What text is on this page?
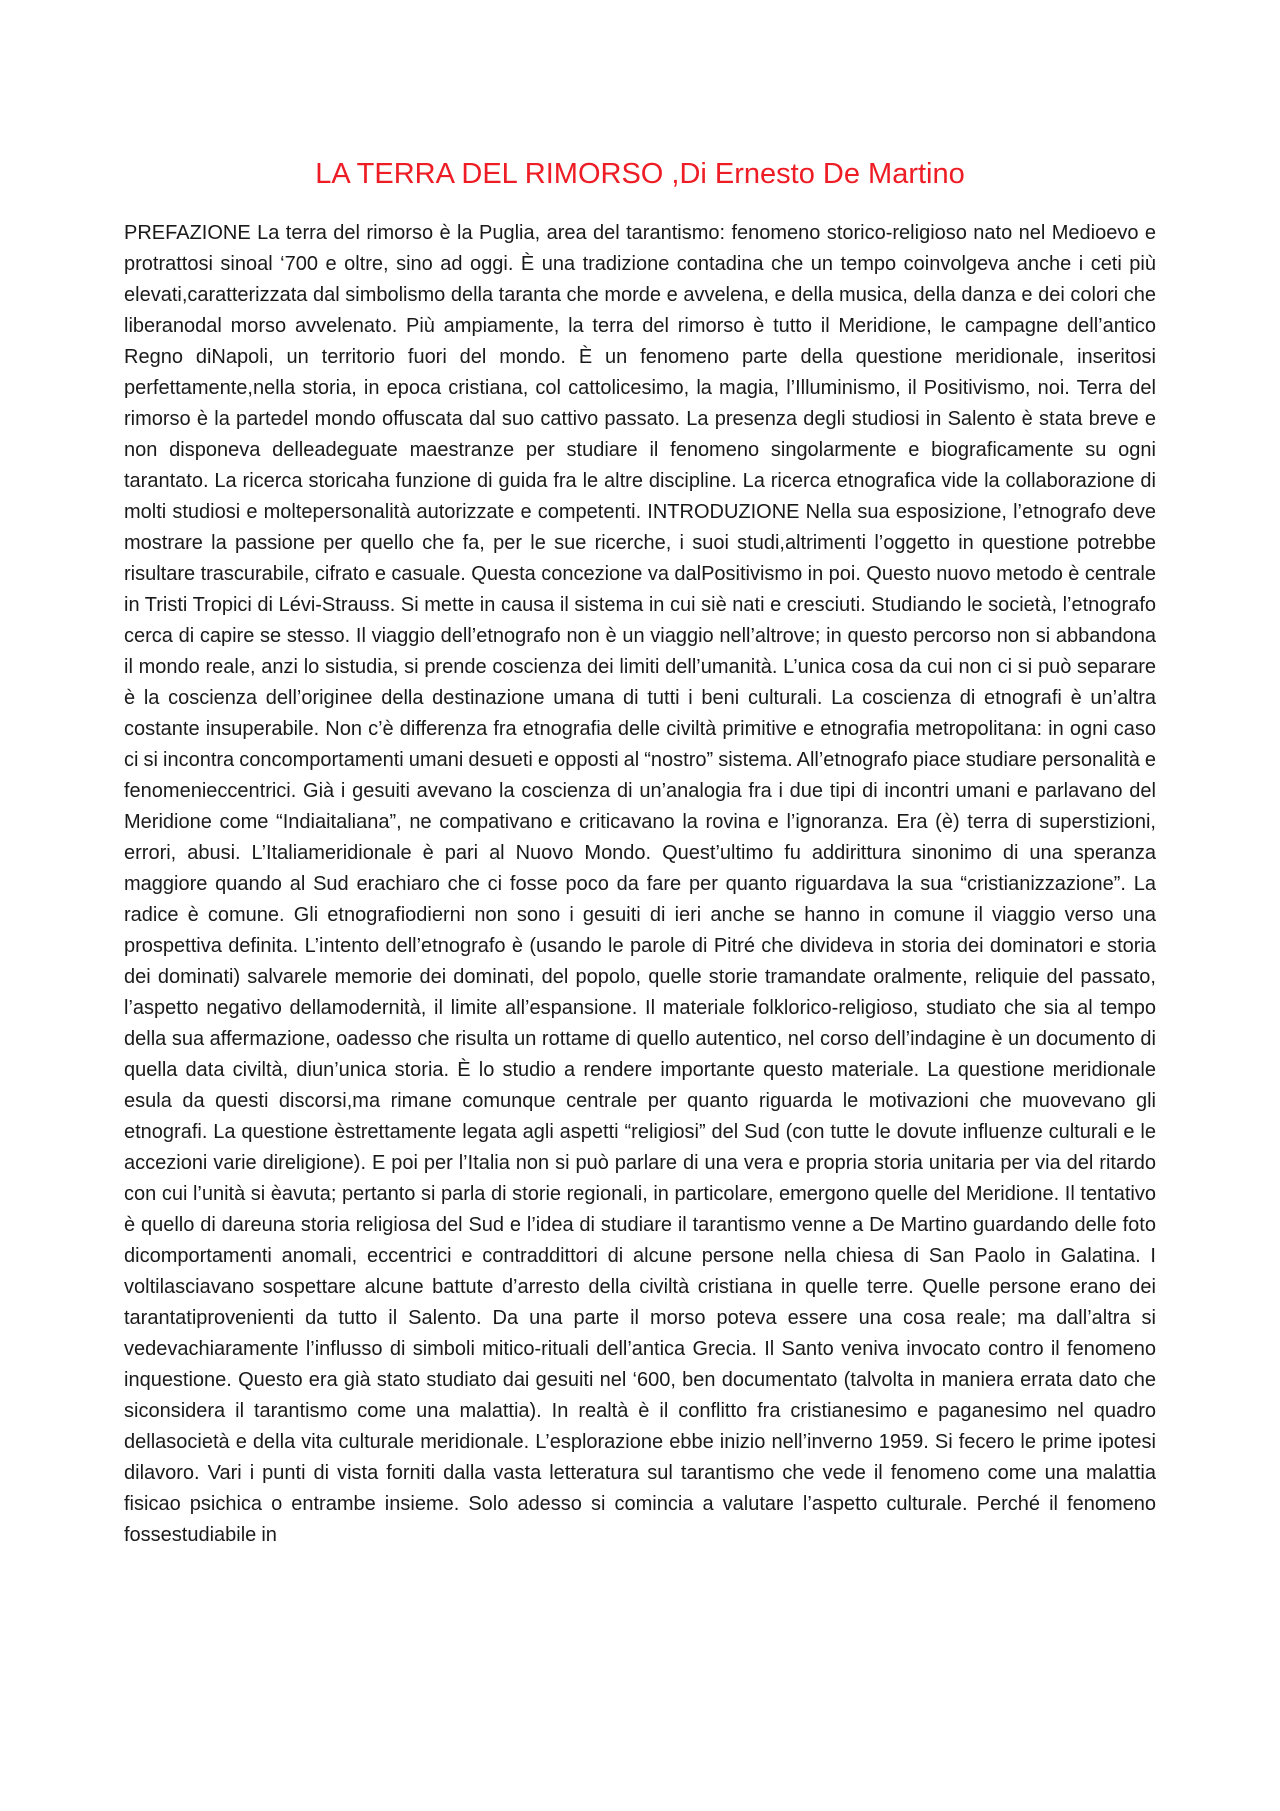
LA TERRA DEL RIMORSO ,Di Ernesto De Martino

PREFAZIONE La terra del rimorso è la Puglia, area del tarantismo: fenomeno storico-religioso nato nel Medioevo e protrattosi sinoal ‘700 e oltre, sino ad oggi. È una tradizione contadina che un tempo coinvolgeva anche i ceti più elevati,caratterizzata dal simbolismo della taranta che morde e avvelena, e della musica, della danza e dei colori che liberanodal morso avvelenato. Più ampiamente, la terra del rimorso è tutto il Meridione, le campagne dell’antico Regno diNapoli, un territorio fuori del mondo. È un fenomeno parte della questione meridionale, inseritosi perfettamente,nella storia, in epoca cristiana, col cattolicesimo, la magia, l’Illuminismo, il Positivismo, noi. Terra del rimorso è la partedel mondo offuscata dal suo cattivo passato. La presenza degli studiosi in Salento è stata breve e non disponeva delleadeguate maestranze per studiare il fenomeno singolarmente e biograficamente su ogni tarantato. La ricerca storicaha funzione di guida fra le altre discipline. La ricerca etnografica vide la collaborazione di molti studiosi e moltepersonalità autorizzate e competenti. INTRODUZIONE Nella sua esposizione, l’etnografo deve mostrare la passione per quello che fa, per le sue ricerche, i suoi studi,altrimenti l’oggetto in questione potrebbe risultare trascurabile, cifrato e casuale. Questa concezione va dalPositivismo in poi. Questo nuovo metodo è centrale in Tristi Tropici di Lévi-Strauss. Si mette in causa il sistema in cui siè nati e cresciuti. Studiando le società, l’etnografo cerca di capire se stesso. Il viaggio dell’etnografo non è un viaggio nell’altrove; in questo percorso non si abbandona il mondo reale, anzi lo sistudia, si prende coscienza dei limiti dell’umanità. L’unica cosa da cui non ci si può separare è la coscienza dell’originee della destinazione umana di tutti i beni culturali. La coscienza di etnografi è un’altra costante insuperabile. Non c’è differenza fra etnografia delle civiltà primitive e etnografia metropolitana: in ogni caso ci si incontra concomportamenti umani desueti e opposti al “nostro” sistema. All’etnografo piace studiare personalità e fenomenieccentrici. Già i gesuiti avevano la coscienza di un’analogia fra i due tipi di incontri umani e parlavano del Meridione come “Indiaitaliana”, ne compativano e criticavano la rovina e l’ignoranza. Era (è) terra di superstizioni, errori, abusi. L’Italiameridionale è pari al Nuovo Mondo. Quest’ultimo fu addirittura sinonimo di una speranza maggiore quando al Sud erachiaro che ci fosse poco da fare per quanto riguardava la sua “cristianizzazione”. La radice è comune. Gli etnografiodierni non sono i gesuiti di ieri anche se hanno in comune il viaggio verso una prospettiva definita. L’intento dell’etnografo è (usando le parole di Pitré che divideva in storia dei dominatori e storia dei dominati) salvarele memorie dei dominati, del popolo, quelle storie tramandate oralmente, reliquie del passato, l’aspetto negativo dellamodernità, il limite all’espansione. Il materiale folklorico-religioso, studiato che sia al tempo della sua affermazione, oadesso che risulta un rottame di quello autentico, nel corso dell’indagine è un documento di quella data civiltà, diun’unica storia. È lo studio a rendere importante questo materiale. La questione meridionale esula da questi discorsi,ma rimane comunque centrale per quanto riguarda le motivazioni che muovevano gli etnografi. La questione èstrettamente legata agli aspetti “religiosi” del Sud (con tutte le dovute influenze culturali e le accezioni varie direligione). E poi per l’Italia non si può parlare di una vera e propria storia unitaria per via del ritardo con cui l’unità si èavuta; pertanto si parla di storie regionali, in particolare, emergono quelle del Meridione. Il tentativo è quello di dareuna storia religiosa del Sud e l’idea di studiare il tarantismo venne a De Martino guardando delle foto dicomportamenti anomali, eccentrici e contraddittori di alcune persone nella chiesa di San Paolo in Galatina. I voltilasciavano sospettare alcune battute d’arresto della civiltà cristiana in quelle terre. Quelle persone erano dei tarantatiprovenienti da tutto il Salento. Da una parte il morso poteva essere una cosa reale; ma dall’altra si vedevachiaramente l’influsso di simboli mitico-rituali dell’antica Grecia. Il Santo veniva invocato contro il fenomeno inquestione. Questo era già stato studiato dai gesuiti nel ‘600, ben documentato (talvolta in maniera errata dato che siconsidera il tarantismo come una malattia). In realtà è il conflitto fra cristianesimo e paganesimo nel quadro dellasocietà e della vita culturale meridionale. L’esplorazione ebbe inizio nell’inverno 1959. Si fecero le prime ipotesi dilavoro. Vari i punti di vista forniti dalla vasta letteratura sul tarantismo che vede il fenomeno come una malattia fisicao psichica o entrambe insieme. Solo adesso si comincia a valutare l’aspetto culturale. Perché il fenomeno fossestudiabile in
